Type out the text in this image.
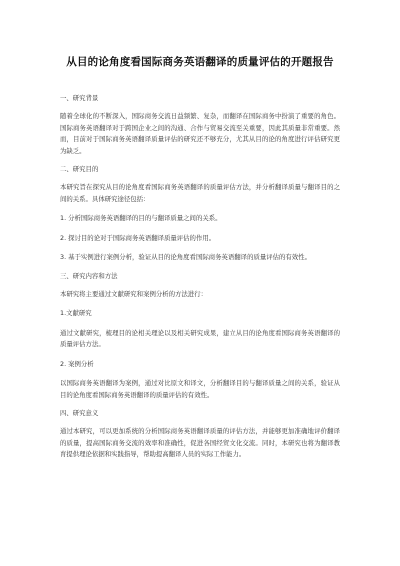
从目的论角度看国际商务英语翻译的质量评估的开题报告
一、研究背景
随着全球化的不断深入，国际商务交流日益频繁、复杂，而翻译在国际商务中扮演了重要的角色。国际商务英语翻译对于跨国企业之间的沟通、合作与贸易交流至关重要，因此其质量非常重要。然而，目前对于国际商务英语翻译质量评估的研究还不够充分，尤其从目的论的角度进行评估研究更为缺乏。
二、研究目的
本研究旨在探究从目的论角度看国际商务英语翻译的质量评估方法，并分析翻译质量与翻译目的之间的关系。具体研究途径包括：
1. 分析国际商务英语翻译的目的与翻译质量之间的关系。
2. 探讨目的论对于国际商务英语翻译质量评估的作用。
3. 基于实例进行案例分析，验证从目的论角度看国际商务英语翻译的质量评估的有效性。
三、研究内容和方法
本研究将主要通过文献研究和案例分析的方法进行：
1.文献研究
通过文献研究，梳理目的论相关理论以及相关研究成果，建立从目的论角度看国际商务英语翻译的质量评估方法。
2. 案例分析
以国际商务英语翻译为案例，通过对比原文和译文，分析翻译目的与翻译质量之间的关系，验证从目的论角度看国际商务英语翻译的质量评估的有效性。
四、研究意义
通过本研究，可以更加系统的分析国际商务英语翻译质量的评估方法，并能够更加准确地评价翻译的质量，提高国际商务交流的效率和准确性，促进各国经贸文化交流。同时，本研究也将为翻译教育提供理论依据和实践指导，帮助提高翻译人员的实际工作能力。
